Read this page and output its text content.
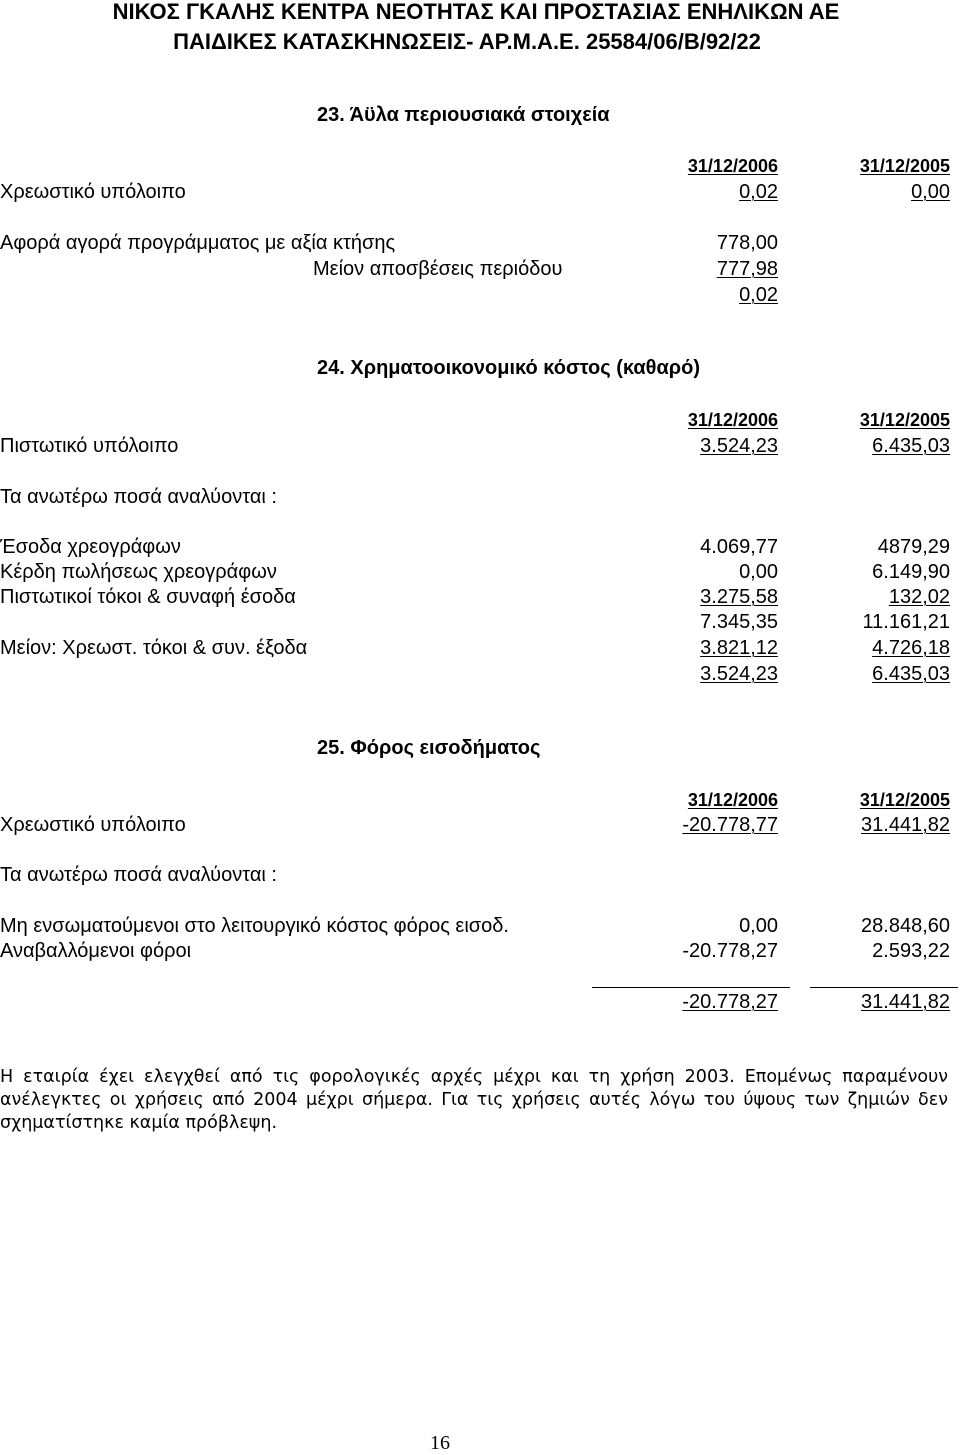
ΝΙΚΟΣ ΓΚΑΛΗΣ ΚΕΝΤΡΑ ΝΕΟΤΗΤΑΣ ΚΑΙ ΠΡΟΣΤΑΣΙΑΣ ΕΝΗΛΙΚΩΝ ΑΕ
ΠΑΙΔΙΚΕΣ ΚΑΤΑΣΚΗΝΩΣΕΙΣ- ΑΡ.Μ.Α.Ε. 25584/06/Β/92/22
23. Άϋλα περιουσιακά στοιχεία
31/12/2006	31/12/2005
Χρεωστικό υπόλοιπο	0,02	0,00
Αφορά αγορά προγράμματος με αξία κτήσης	778,00
Μείον αποσβέσεις περιόδου	777,98
0,02
24. Χρηματοοικονομικό κόστος (καθαρό)
31/12/2006	31/12/2005
Πιστωτικό υπόλοιπο	3.524,23	6.435,03
Τα ανωτέρω ποσά αναλύονται :
Έσοδα χρεογράφων	4.069,77	4879,29
Κέρδη πωλήσεως χρεογράφων	0,00	6.149,90
Πιστωτικοί τόκοι & συναφή έσοδα	3.275,58	132,02
7.345,35	11.161,21
Μείον: Χρεωστ. τόκοι & συν. έξοδα	3.821,12	4.726,18
3.524,23	6.435,03
25. Φόρος εισοδήματος
31/12/2006	31/12/2005
Χρεωστικό υπόλοιπο	-20.778,77	31.441,82
Τα ανωτέρω ποσά αναλύονται :
Μη ενσωματούμενοι στο λειτουργικό κόστος φόρος εισοδ.	0,00	28.848,60
Αναβαλλόμενοι φόροι	-20.778,27	2.593,22
-20.778,27	31.441,82

Η εταιρία έχει ελεγχθεί από τις φορολογικές αρχές μέχρι και τη χρήση 2003. Επομένως παραμένουν ανέλεγκτες οι χρήσεις από 2004 μέχρι σήμερα. Για τις χρήσεις αυτές λόγω του ύψους των ζημιών δεν σχηματίστηκε καμία πρόβλεψη.

16
